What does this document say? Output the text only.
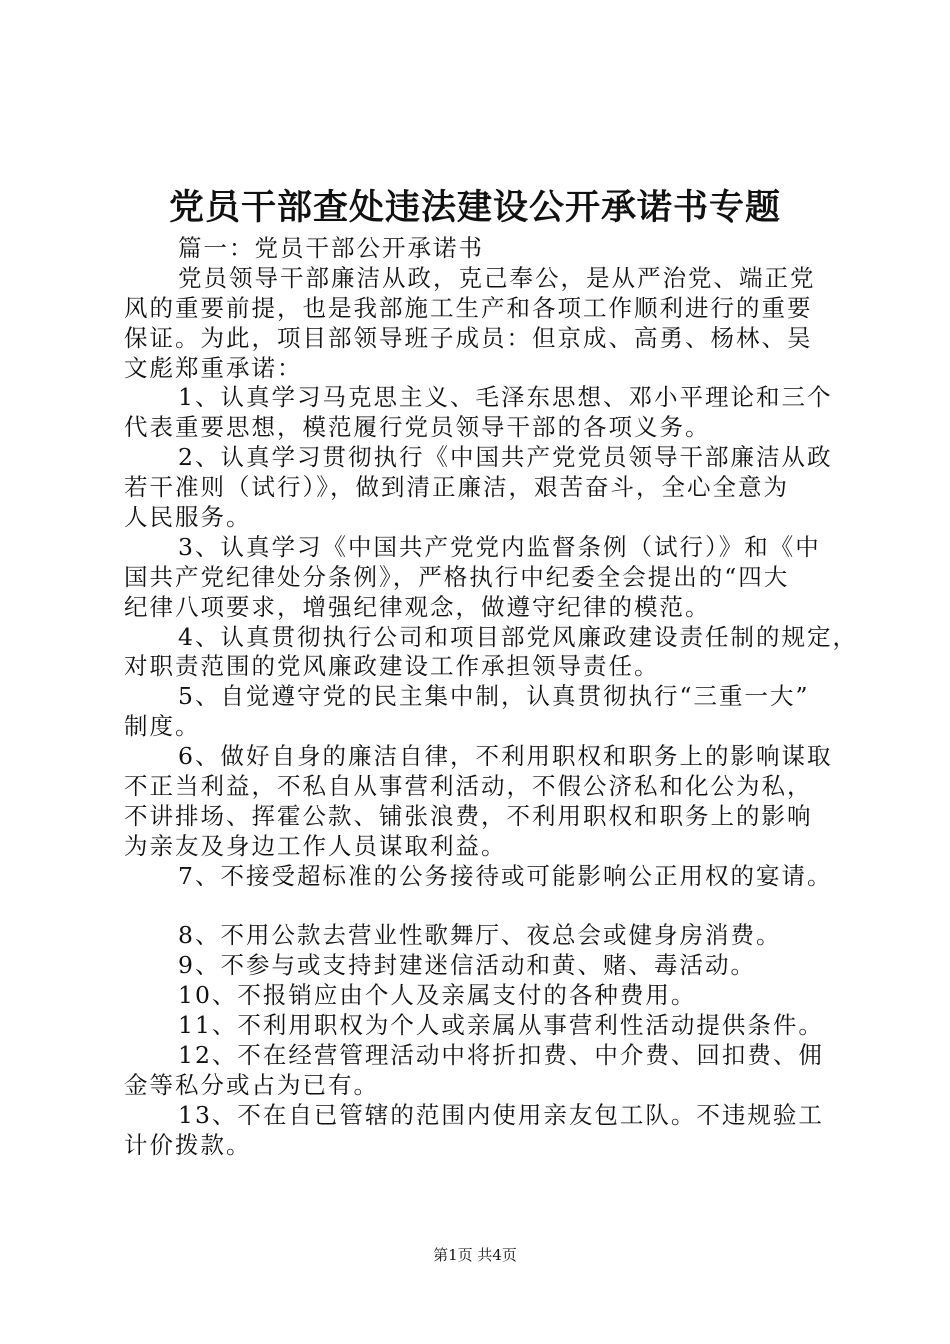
党员干部查处违法建设公开承诺书专题
篇一：党员干部公开承诺书
党员领导干部廉洁从政，克己奉公，是从严治党、端正党
风的重要前提，也是我部施工生产和各项工作顺利进行的重要
保证。为此，项目部领导班子成员：但京成、高勇、杨林、吴
文彪郑重承诺：
1、认真学习马克思主义、毛泽东思想、邓小平理论和三个
代表重要思想，模范履行党员领导干部的各项义务。
2、认真学习贯彻执行《中国共产党党员领导干部廉洁从政
若干准则（试行）》，做到清正廉洁，艰苦奋斗，全心全意为
人民服务。
3、认真学习《中国共产党党内监督条例（试行）》和《中
国共产党纪律处分条例》，严格执行中纪委全会提出的“四大
纪律八项要求，增强纪律观念，做遵守纪律的模范。
4、认真贯彻执行公司和项目部党风廉政建设责任制的规定，
对职责范围的党风廉政建设工作承担领导责任。
5、自觉遵守党的民主集中制，认真贯彻执行“三重一大”
制度。
6、做好自身的廉洁自律，不利用职权和职务上的影响谋取
不正当利益，不私自从事营利活动，不假公济私和化公为私，
不讲排场、挥霍公款、铺张浪费，不利用职权和职务上的影响
为亲友及身边工作人员谋取利益。
7、不接受超标准的公务接待或可能影响公正用权的宴请。
8、不用公款去营业性歌舞厅、夜总会或健身房消费。
9、不参与或支持封建迷信活动和黄、赌、毒活动。
10、不报销应由个人及亲属支付的各种费用。
11、不利用职权为个人或亲属从事营利性活动提供条件。
12、不在经营管理活动中将折扣费、中介费、回扣费、佣
金等私分或占为已有。
13、不在自已管辖的范围内使用亲友包工队。不违规验工
计价拨款。
第1页 共4页
